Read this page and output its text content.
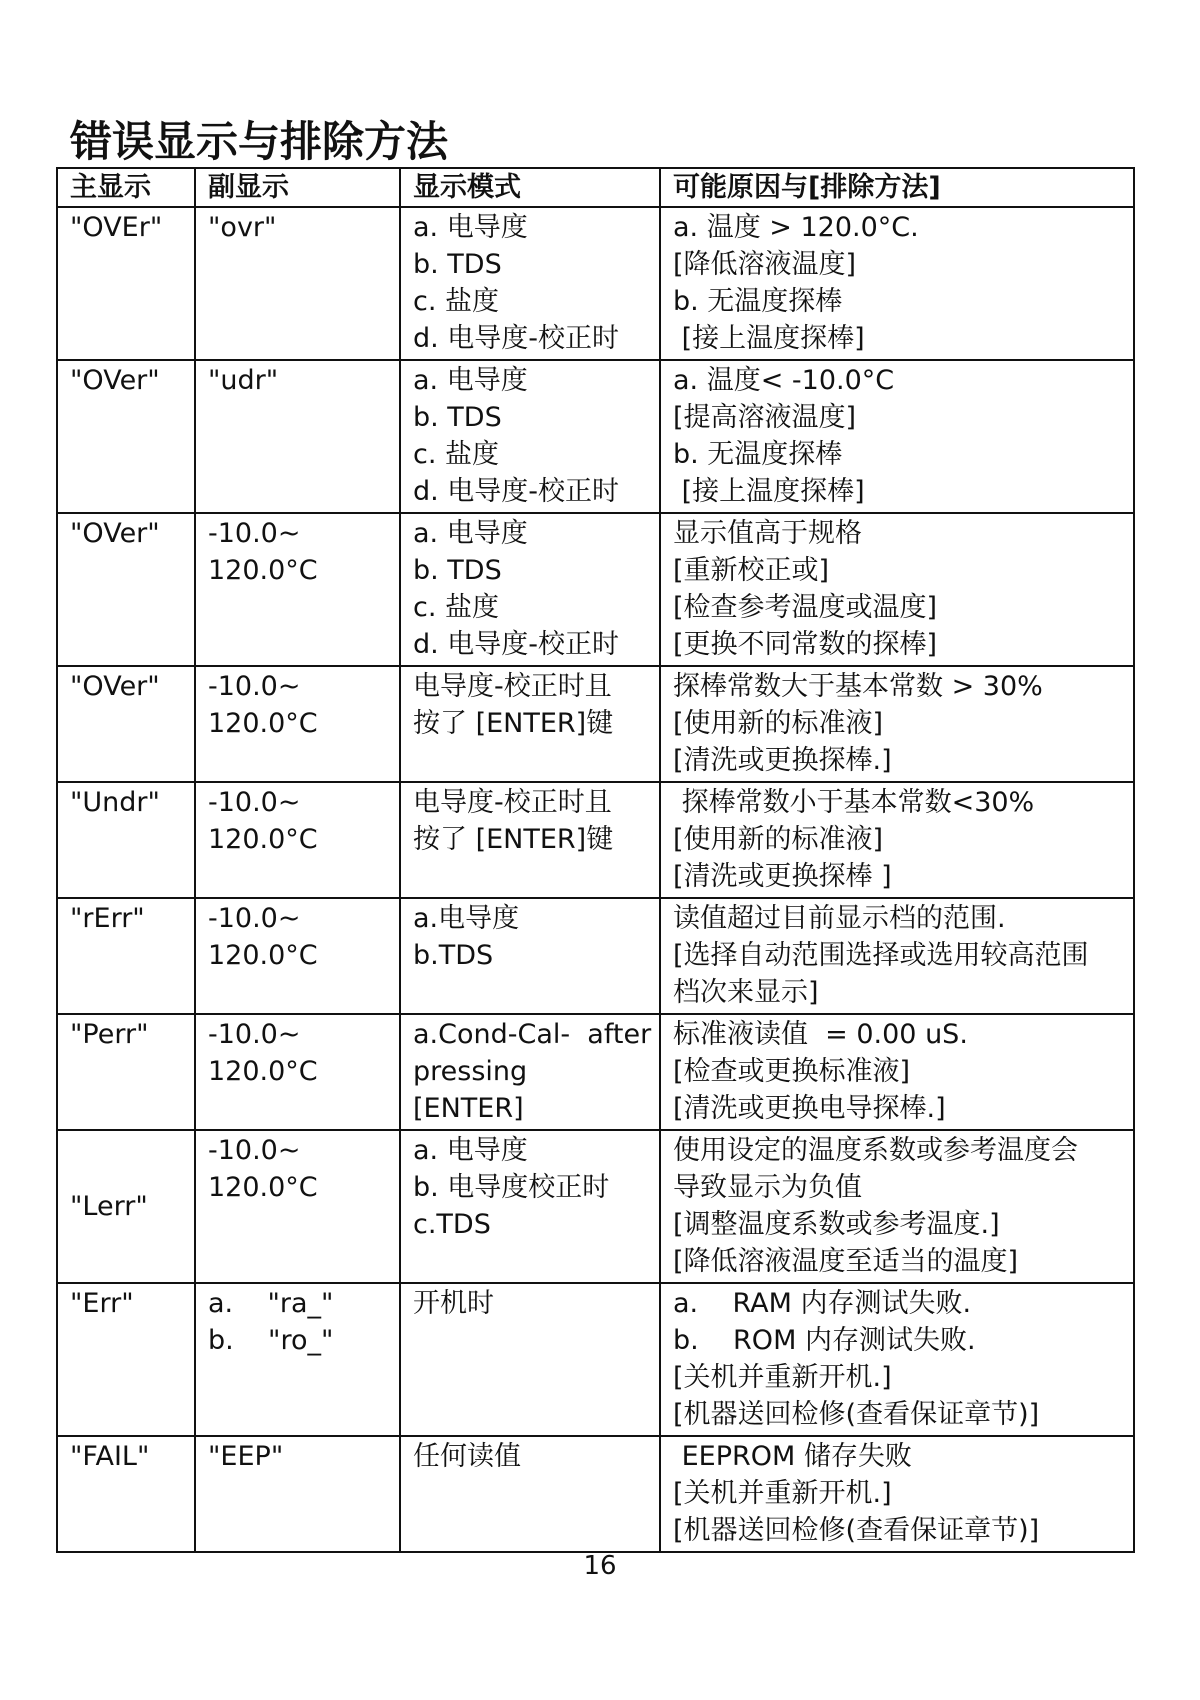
错误显示与排除方法
主显示	副显示	显示模式	可能原因与[排除方法]

"OVEr"	"ovr"	a. 电导度
b. TDS
c. 盐度
d. 电导度-校正时	a. 温度 > 120.0°C.
[降低溶液温度]
b. 无温度探棒
[接上温度探棒]

"OVer"	"udr"	a. 电导度
b. TDS
c. 盐度
d. 电导度-校正时	a. 温度< -10.0°C
[提高溶液温度]
b. 无温度探棒
[接上温度探棒]

"OVer"	-10.0~
120.0°C	a. 电导度
b. TDS
c. 盐度
d. 电导度-校正时	显示值高于规格
[重新校正或]
[检查参考温度或温度]
[更换不同常数的探棒]

"OVer"	-10.0~
120.0°C	电导度-校正时且
按了 [ENTER]键	探棒常数大于基本常数 > 30%
[使用新的标准液]
[清洗或更换探棒.]

"Undr"	-10.0~
120.0°C	电导度-校正时且
按了 [ENTER]键	探棒常数小于基本常数<30%
[使用新的标准液]
[清洗或更换探棒 ]

"rErr"	-10.0~
120.0°C	a.电导度
b.TDS	读值超过目前显示档的范围.
[选择自动范围选择或选用较高范围
档次来显示]

"Perr"	-10.0~
120.0°C	a.Cond-Cal-  after
pressing
[ENTER]	标准液读值  = 0.00 uS.
[检查或更换标准液]
[清洗或更换电导探棒.]

"Lerr"	-10.0~
120.0°C	a. 电导度
b. 电导度校正时
c.TDS	使用设定的温度系数或参考温度会
导致显示为负值
[调整温度系数或参考温度.]
[降低溶液温度至适当的温度]

"Err"	a.    "ra_"
b.    "ro_"	开机时	a.    RAM 内存测试失败.
b.    ROM 内存测试失败.
[关机并重新开机.]
[机器送回检修(查看保证章节)]

"FAIL"	"EEP"	任何读值	EEPROM 储存失败
[关机并重新开机.]
[机器送回检修(查看保证章节)]
16
